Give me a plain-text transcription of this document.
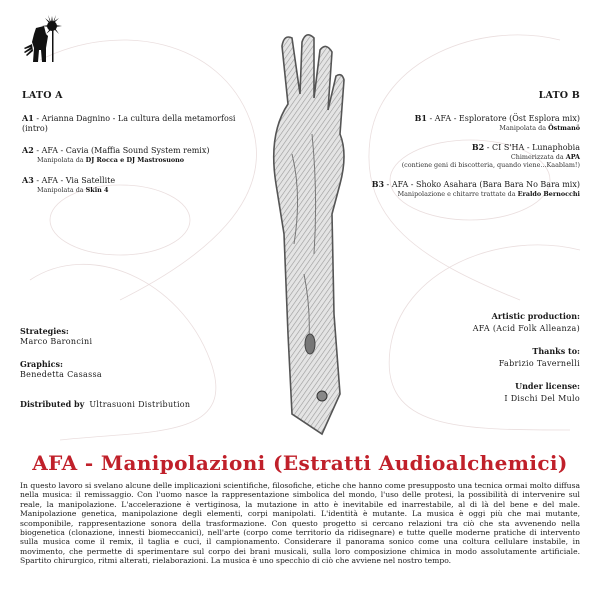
LATO A
A1 - Arianna Dagnino - La cultura della metamorfosi (intro)
A2 - AFA - Cavia (Maffia Sound System remix)
Manipolata da DJ Rocca e DJ Mastrosuono
A3 - AFA - Via Satellite
Manipolata da Skin 4
LATO B
B1 - AFA - Esploratore (Öst Esplora mix)
Manipolata da Östmanö
B2 - CI S'HA - Lunaphobia
Chimerizzata da APA
(contiene geni di biscotteria, quando viene...Kaablam!)
B3 - AFA - Shoko Asahara (Bara Bara No Bara mix)
Manipolazione e chitarre trattate da Eraldo Bernocchi
Strategies:
Marco Baroncini
Graphics:
Benedetta Casassa
Distributed by Ultrasuoni Distribution
Artistic production:
AFA (Acid Folk Alleanza)
Thanks to:
Fabrizio Tavernelli
Under license:
I Dischi Del Mulo
AFA - Manipolazioni (Estratti Audioalchemici)

In questo lavoro si svelano alcune delle implicazioni scientifiche, filosofiche, etiche che hanno come presupposto una tecnica ormai molto diffusa nella musica: il remissaggio. Con l'uomo nasce la rappresentazione simbolica del mondo, l'uso delle protesi, la possibilità di intervenire sul reale, la manipolazione. L'accelerazione è vertiginosa, la mutazione in atto è inevitabile ed inarrestabile, al di là del bene e del male. Manipolazione genetica, manipolazione degli elementi, corpi manipolati. L'identità è mutante. La musica è oggi più che mai mutante, scomponibile, rappresentazione sonora della trasformazione. Con questo progetto si cercano relazioni tra ciò che sta avvenendo nella biogenetica (clonazione, innesti biomeccanici), nell'arte (corpo come territorio da ridisegnare) e tutte quelle moderne pratiche di intervento sulla musica come il remix, il taglia e cuci, il campionamento. Considerare il panorama sonico come una coltura cellulare instabile, in movimento, che permette di sperimentare sul corpo dei brani musicali, sulla loro composizione chimica in modo assolutamente artificiale. Spartito chirurgico, ritmi alterati, rielaborazioni. La musica è uno specchio di ciò che avviene nel nostro tempo.
